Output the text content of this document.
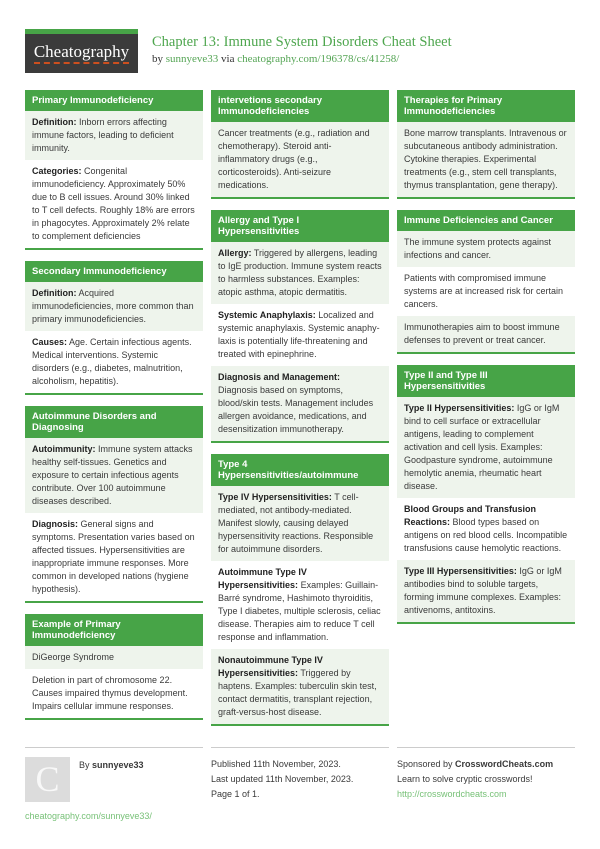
Cheatography
Chapter 13: Immune System Disorders Cheat Sheet
by sunnyeve33 via cheatography.com/196378/cs/41258/
Primary Immunodeficiency
Definition: Inborn errors affecting immune factors, leading to deficient immunity.
Categories: Congenital immunodeficiency. Approximately 50% due to B cell issues. Around 30% linked to T cell defects. Roughly 18% are errors in phagocytes. Approximately 2% relate to complement deficiencies
Secondary Immunodeficiency
Definition: Acquired immunodeficiencies, more common than primary immunodeficiencies.
Causes: Age. Certain infectious agents. Medical interventions. Systemic disorders (e.g., diabetes, malnutrition, alcoholism, hepatitis).
Autoimmune Disorders and Diagnosing
Autoimmunity: Immune system attacks healthy self-tissues. Genetics and exposure to certain infectious agents contribute. Over 100 autoimmune diseases described.
Diagnosis: General signs and symptoms. Presentation varies based on affected tissues. Hypersensitivities are inappropriate immune responses. More common in developed nations (hygiene hypothesis).
Example of Primary Immunodeficiency
DiGeorge Syndrome
Deletion in part of chromosome 22. Causes impaired thymus development. Impairs cellular immune responses.
intervetions secondary Immunodeficiencies
Cancer treatments (e.g., radiation and chemotherapy). Steroid anti-inflammatory drugs (e.g., corticosteroids). Anti-seizure medications.
Allergy and Type I Hypersensitivities
Allergy: Triggered by allergens, leading to IgE production. Immune system reacts to harmless substances. Examples: atopic asthma, atopic dermatitis.
Systemic Anaphylaxis: Localized and systemic anaphylaxis. Systemic anaphylaxis is potentially life-threatening and treated with epinephrine.
Diagnosis and Management: Diagnosis based on symptoms, blood/skin tests. Management includes allergen avoidance, medications, and desensitization immunotherapy.
Type 4 Hypersensitivities/autoimmune
Type IV Hypersensitivities: T cell-mediated, not antibody-mediated. Manifest slowly, causing delayed hypersensitivity reactions. Responsible for autoimmune disorders.
Autoimmune Type IV Hypersensitivities: Examples: Guillain-Barré syndrome, Hashimoto thyroiditis, Type I diabetes, multiple sclerosis, celiac disease. Therapies aim to reduce T cell response and inflammation.
Nonautoimmune Type IV Hypersensitivities: Triggered by haptens. Examples: tuberculin skin test, contact dermatitis, transplant rejection, graft-versus-host disease.
Therapies for Primary Immunodeficiencies
Bone marrow transplants. Intravenous or subcutaneous antibody administration. Cytokine therapies. Experimental treatments (e.g., stem cell transplants, thymus transplantation, gene therapy).
Immune Deficiencies and Cancer
The immune system protects against infections and cancer.
Patients with compromised immune systems are at increased risk for certain cancers.
Immunotherapies aim to boost immune defenses to prevent or treat cancer.
Type II and Type III Hypersensitivities
Type II Hypersensitivities: IgG or IgM bind to cell surface or extracellular antigens, leading to complement activation and cell lysis. Examples: Goodpasture syndrome, autoimmune hemolytic anemia, rheumatic heart disease.
Blood Groups and Transfusion Reactions: Blood types based on antigens on red blood cells. Incompatible transfusions cause hemolytic reactions.
Type III Hypersensitivities: IgG or IgM antibodies bind to soluble targets, forming immune complexes. Examples: antivenoms, antitoxins.
C By sunnyeve33
cheatography.com/sunnyeve33/
Published 11th November, 2023.
Last updated 11th November, 2023.
Page 1 of 1.
Sponsored by CrosswordCheats.com
Learn to solve cryptic crosswords!
http://crosswordcheats.com
